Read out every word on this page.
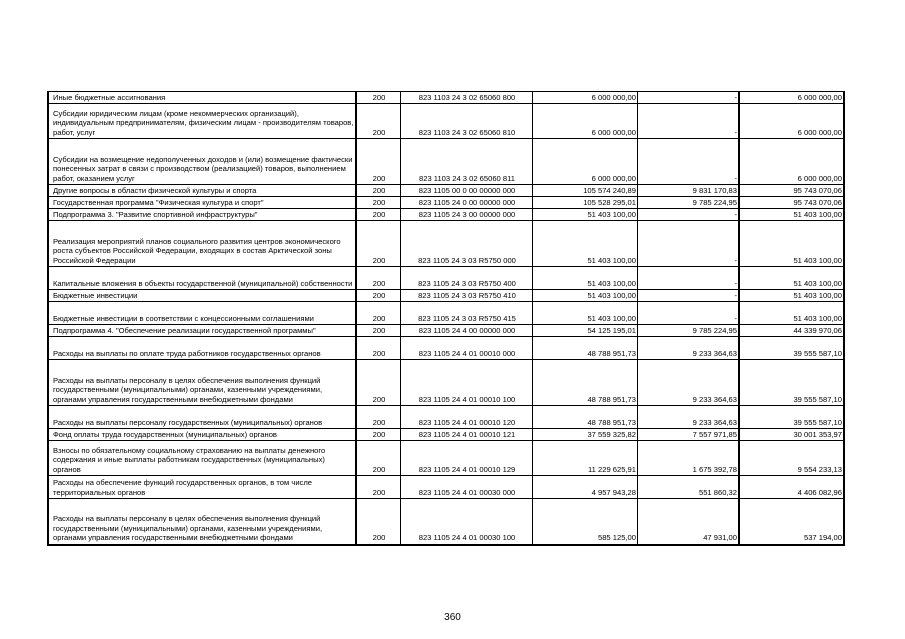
Иные бюджетные ассигнования	200	823 1103 24 3 02 65060 800	6 000 000,00	-	6 000 000,00
Субсидии юридическим лицам (кроме некоммерческих организаций), индивидуальным предпринимателям, физическим лицам - производителям товаров, работ, услуг	200	823 1103 24 3 02 65060 810	6 000 000,00	-	6 000 000,00
Субсидии на возмещение недополученных доходов и (или) возмещение фактически понесенных затрат в связи с производством (реализацией) товаров, выполнением работ, оказанием услуг	200	823 1103 24 3 02 65060 811	6 000 000,00	-	6 000 000,00
Другие вопросы в области физической культуры и спорта	200	823 1105 00 0 00 00000 000	105 574 240,89	9 831 170,83	95 743 070,06
Государственная программа "Физическая культура и спорт"	200	823 1105 24 0 00 00000 000	105 528 295,01	9 785 224,95	95 743 070,06
Подпрограмма 3. "Развитие спортивной инфраструктуры"	200	823 1105 24 3 00 00000 000	51 403 100,00	-	51 403 100,00
Реализация мероприятий планов социального развития центров экономического роста субъектов Российской Федерации, входящих в состав Арктической зоны Российской Федерации	200	823 1105 24 3 03 R5750 000	51 403 100,00	-	51 403 100,00
Капитальные вложения в объекты государственной (муниципальной) собственности	200	823 1105 24 3 03 R5750 400	51 403 100,00	-	51 403 100,00
Бюджетные инвестиции	200	823 1105 24 3 03 R5750 410	51 403 100,00	-	51 403 100,00
Бюджетные инвестиции в соответствии с концессионными соглашениями	200	823 1105 24 3 03 R5750 415	51 403 100,00	-	51 403 100,00
Подпрограмма 4. "Обеспечение реализации государственной программы"	200	823 1105 24 4 00 00000 000	54 125 195,01	9 785 224,95	44 339 970,06
Расходы на выплаты по оплате труда работников государственных органов	200	823 1105 24 4 01 00010 000	48 788 951,73	9 233 364,63	39 555 587,10
Расходы на выплаты персоналу в целях обеспечения выполнения функций государственными (муниципальными) органами, казенными учреждениями, органами управления государственными внебюджетными фондами	200	823 1105 24 4 01 00010 100	48 788 951,73	9 233 364,63	39 555 587,10
Расходы на выплаты персоналу государственных (муниципальных) органов	200	823 1105 24 4 01 00010 120	48 788 951,73	9 233 364,63	39 555 587,10
Фонд оплаты труда государственных (муниципальных) органов	200	823 1105 24 4 01 00010 121	37 559 325,82	7 557 971,85	30 001 353,97
Взносы по обязательному социальному страхованию на выплаты денежного содержания и иные выплаты работникам государственных (муниципальных) органов	200	823 1105 24 4 01 00010 129	11 229 625,91	1 675 392,78	9 554 233,13
Расходы на обеспечение функций государственных органов, в том числе территориальных органов	200	823 1105 24 4 01 00030 000	4 957 943,28	551 860,32	4 406 082,96
Расходы на выплаты персоналу в целях обеспечения выполнения функций государственными (муниципальными) органами, казенными учреждениями, органами управления государственными внебюджетными фондами	200	823 1105 24 4 01 00030 100	585 125,00	47 931,00	537 194,00
360
